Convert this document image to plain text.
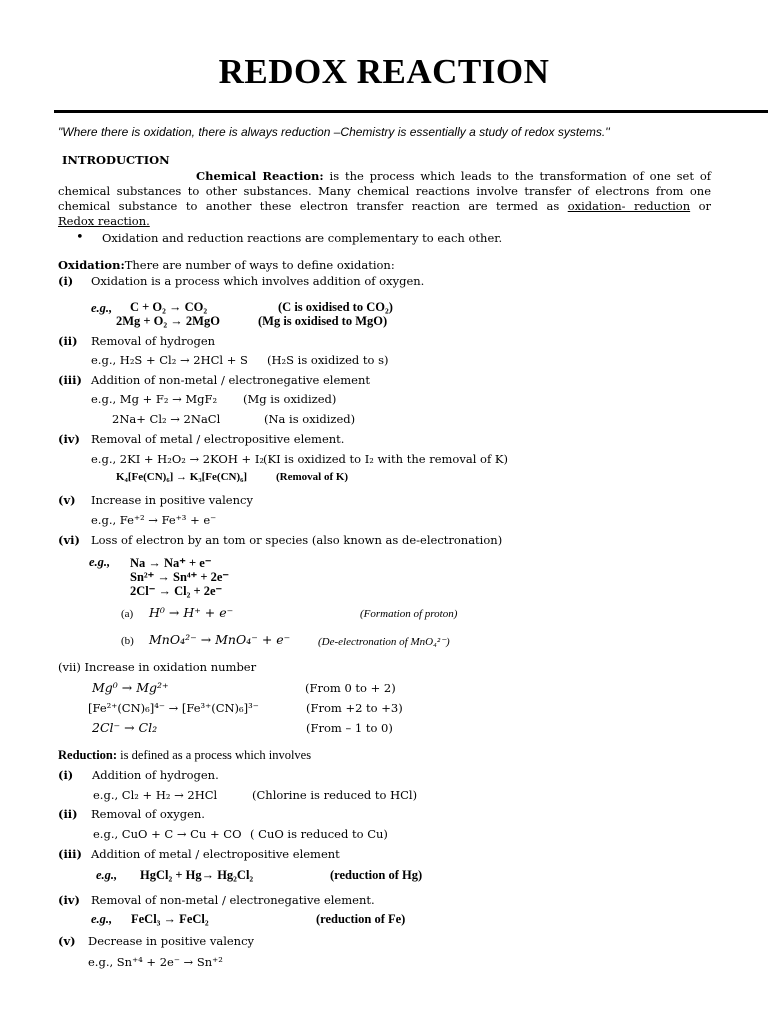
REDOX REACTION
"Where there is oxidation, there is always reduction –Chemistry is essentially a study of redox systems.''
INTRODUCTION
Chemical Reaction: is the process which leads to the transformation of one set of
chemical substances to other substances. Many chemical reactions involve transfer of electrons from one
chemical substance to another these electron transfer reaction are termed as oxidation- reduction or
Redox reaction.
• Oxidation and reduction reactions are complementary to each other.
Oxidation:There are number of ways to define oxidation:
(i) Oxidation is a process which involves addition of oxygen.
e.g., C + O₂ → CO₂	(C is oxidised to CO₂)
2Mg + O₂ → 2MgO	(Mg is oxidised to MgO)
(ii) Removal of hydrogen
e.g., H₂S + Cl₂ → 2HCl + S (H₂S is oxidized to s)
(iii) Addition of non-metal / electronegative element
e.g., Mg + F₂ → MgF₂ (Mg is oxidized)
2Na+ Cl₂ → 2NaCl	(Na is oxidized)
(iv) Removal of metal / electropositive element.
e.g., 2KI + H₂O₂ → 2KOH + I₂ (KI is oxidized to I₂ with the removal of K)
K₄[Fe(CN)₆] → K₃[Fe(CN)₆]	(Removal of K)
(v) Increase in positive valency
e.g., Fe⁺² → Fe⁺³ + e⁻
(vi) Loss of electron by an tom or species (also known as de-electronation)
e.g., Na → Na⁺ + e⁻
Sn²⁺ → Sn⁴⁺ + 2e⁻
2Cl⁻ → Cl₂ + 2e⁻
(a) H⁰ → H⁺ + e⁻	(Formation of proton)
(b) MnO₄²⁻ → MnO₄⁻ + e⁻	(De-electronation of MnO₄²⁻)
(vii) Increase in oxidation number
Mg⁰ → Mg²⁺	(From 0 to + 2)
[Fe²⁺(CN)₆]⁴⁻ → [Fe³⁺(CN)₆]³⁻	(From +2 to +3)
2Cl⁻ → Cl₂	(From – 1 to 0)
Reduction: is defined as a process which involves
(i) Addition of hydrogen.
e.g., Cl₂ + H₂ → 2HCl	(Chlorine is reduced to HCl)
(ii) Removal of oxygen.
e.g., CuO + C → Cu + CO ( CuO is reduced to Cu)
(iii) Addition of metal / electropositive element
e.g., HgCl₂ + Hg→ Hg₂Cl₂	(reduction of Hg)
(iv) Removal of non-metal / electronegative element.
e.g., FeCl₃ → FeCl₂	(reduction of Fe)
(v) Decrease in positive valency
e.g., Sn⁺⁴ + 2e⁻ → Sn⁺²
